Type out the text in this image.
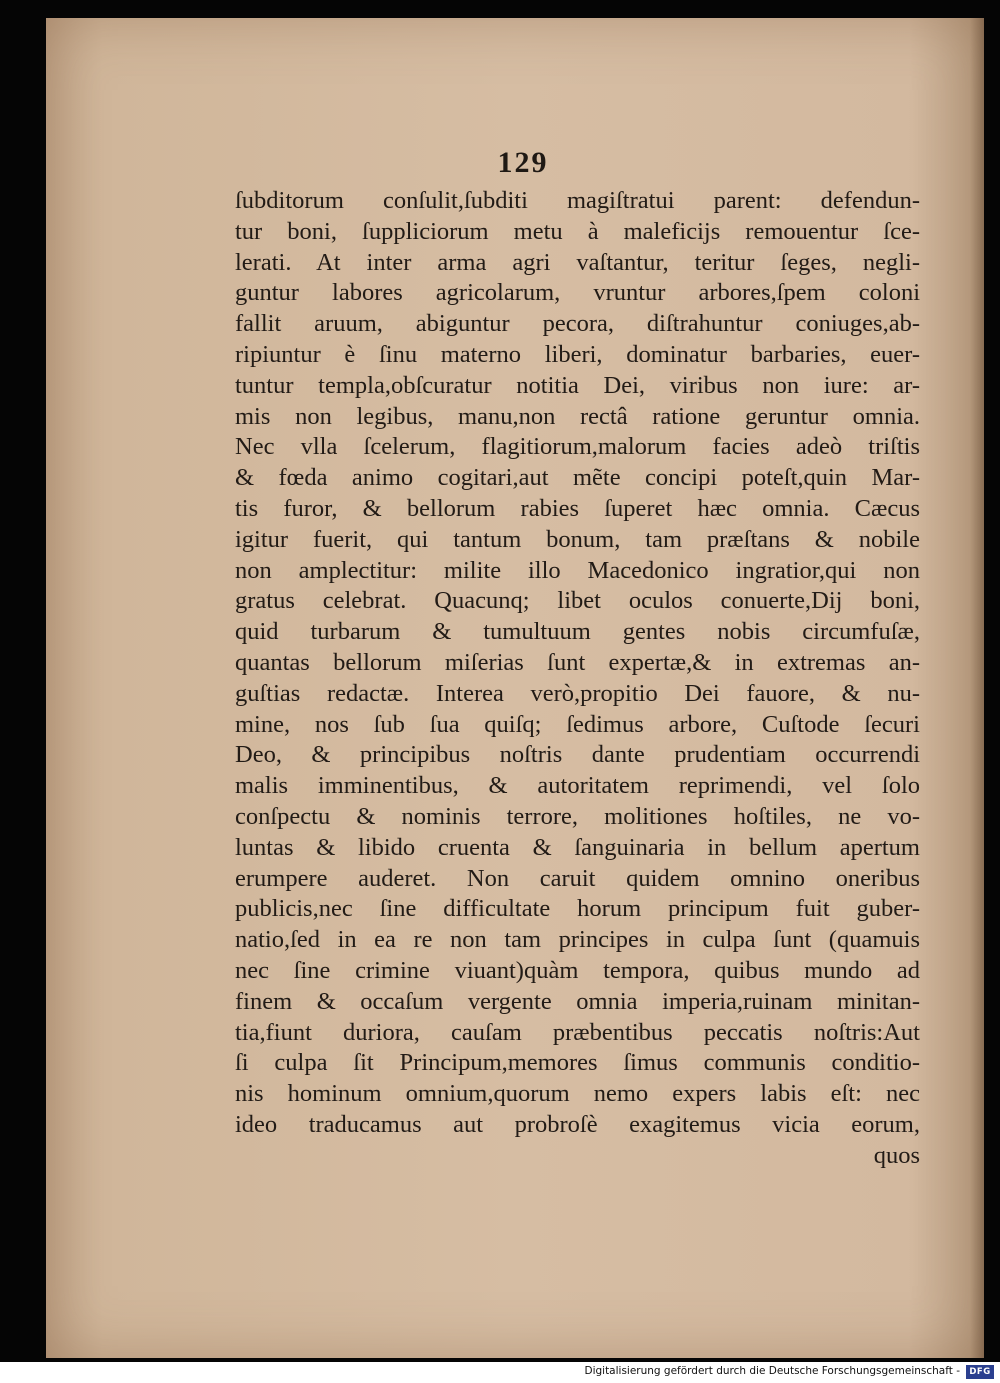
129
ſubditorum conſulit,ſubditi magiſtratui parent: defendun-
tur boni, ſuppliciorum metu à maleficijs remouentur ſce-
lerati. At inter arma agri vaſtantur, teritur ſeges, negli-
guntur labores agricolarum, vruntur arbores,ſpem coloni
fallit aruum, abiguntur pecora, diſtrahuntur coniuges,ab-
ripiuntur è ſinu materno liberi, dominatur barbaries, euer-
tuntur templa,obſcuratur notitia Dei, viribus non iure: ar-
mis non legibus, manu,non rectâ ratione geruntur omnia.
Nec vlla ſcelerum, flagitiorum,malorum facies adeò triſtis
& fœda animo cogitari,aut mẽte concipi poteſt,quin Mar-
tis furor, & bellorum rabies ſuperet hæc omnia. Cæcus
igitur fuerit, qui tantum bonum, tam præſtans & nobile
non amplectitur: milite illo Macedonico ingratior,qui non
gratus celebrat. Quacunq; libet oculos conuerte,Dij boni,
quid turbarum & tumultuum gentes nobis circumfuſæ,
quantas bellorum miſerias ſunt expertæ,& in extremas an-
guſtias redactæ. Interea verò,propitio Dei fauore, & nu-
mine, nos ſub ſua quiſq; ſedimus arbore, Cuſtode ſecuri
Deo, & principibus noſtris dante prudentiam occurrendi
malis imminentibus, & autoritatem reprimendi, vel ſolo
conſpectu & nominis terrore, molitiones hoſtiles, ne vo-
luntas & libido cruenta & ſanguinaria in bellum apertum
erumpere auderet. Non caruit quidem omnino oneribus
publicis,nec ſine difficultate horum principum fuit guber-
natio,ſed in ea re non tam principes in culpa ſunt (quamuis
nec ſine crimine viuant)quàm tempora, quibus mundo ad
finem & occaſum vergente omnia imperia,ruinam minitan-
tia,fiunt duriora, cauſam præbentibus peccatis noſtris:Aut
ſi culpa ſit Principum,memores ſimus communis conditio-
nis hominum omnium,quorum nemo expers labis eſt: nec
ideo traducamus aut probroſè exagitemus vicia eorum,
quos
Digitalisierung gefördert durch die Deutsche Forschungsgemeinschaft -	DFG
